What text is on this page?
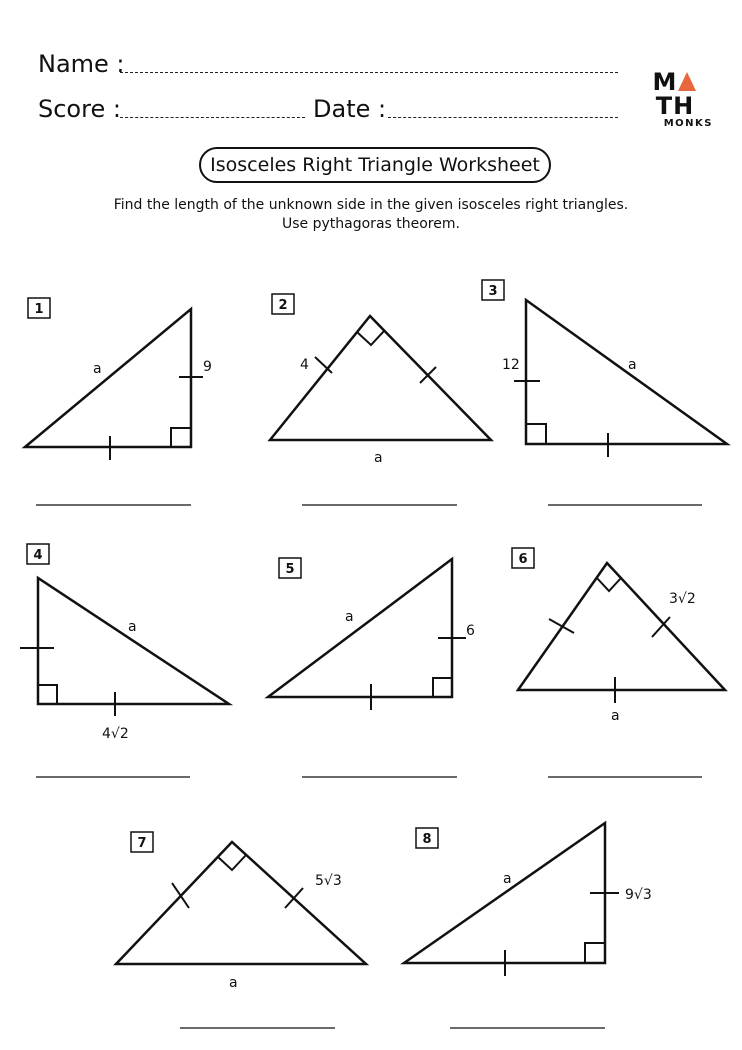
Name :
Score :	Date :
MTH
MONKS
Isosceles Right Triangle Worksheet
Find the length of the unknown side in the given isosceles right triangles.
Use pythagoras theorem.
1	2
3
4
5
6
7	8
a	9	4
a
12	a
a
4√2
a
6
3√2
a
5√3
a
a
9√3
